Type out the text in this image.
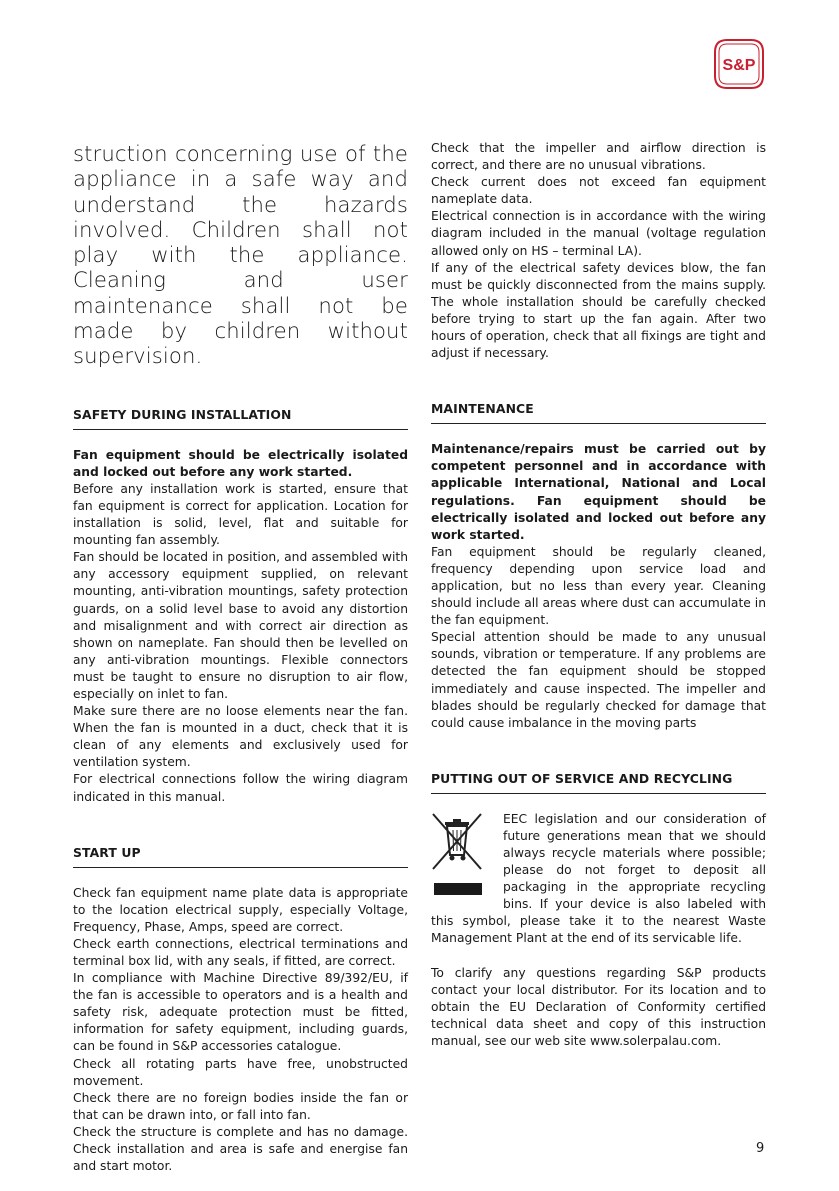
S&P

struction concerning use of the appliance in a safe way and understand the hazards involved. Children shall not play with the appliance. Cleaning and user maintenance shall not be made by children without supervision.

SAFETY DURING INSTALLATION

Fan equipment should be electrically isolated and locked out before any work started.

Before any installation work is started, ensure that fan equipment is correct for application. Location for installation is solid, level, flat and suitable for mounting fan assembly.

Fan should be located in position, and assembled with any accessory equipment supplied, on relevant mounting, anti-vibration mountings, safety protection guards, on a solid level base to avoid any distortion and misalignment and with correct air direction as shown on nameplate. Fan should then be levelled on any anti-vibration mountings. Flexible connectors must be taught to ensure no disruption to air flow, especially on inlet to fan.

Make sure there are no loose elements near the fan. When the fan is mounted in a duct, check that it is clean of any elements and exclusively used for ventilation system.

For electrical connections follow the wiring diagram indicated in this manual.

START UP

Check fan equipment name plate data is appropriate to the location electrical supply, especially Voltage, Frequency, Phase, Amps, speed are correct.

Check earth connections, electrical terminations and terminal box lid, with any seals, if fitted, are correct.

In compliance with Machine Directive 89/392/EU, if the fan is accessible to operators and is a health and safety risk, adequate protection must be fitted, information for safety equipment, including guards, can be found in S&P accessories catalogue.

Check all rotating parts have free, unobstructed movement.

Check there are no foreign bodies inside the fan or that can be drawn into, or fall into fan.

Check the structure is complete and has no damage. Check installation and area is safe and energise fan and start motor.

Check that the impeller and airflow direction is correct, and there are no unusual vibrations.

Check current does not exceed fan equipment nameplate data.

Electrical connection is in accordance with the wiring diagram included in the manual (voltage regulation allowed only on HS – terminal LA).

If any of the electrical safety devices blow, the fan must be quickly disconnected from the mains supply. The whole installation should be carefully checked before trying to start up the fan again. After two hours of operation, check that all fixings are tight and adjust if necessary.

MAINTENANCE

Maintenance/repairs must be carried out by competent personnel and in accordance with applicable International, National and Local regulations. Fan equipment should be electrically isolated and locked out before any work started.

Fan equipment should be regularly cleaned, frequency depending upon service load and application, but no less than every year. Cleaning should include all areas where dust can accumulate in the fan equipment.

Special attention should be made to any unusual sounds, vibration or temperature. If any problems are detected the fan equipment should be stopped immediately and cause inspected. The impeller and blades should be regularly checked for damage that could cause imbalance in the moving parts

PUTTING OUT OF SERVICE AND RECYCLING

EEC legislation and our consideration of future generations mean that we should always recycle materials where possible; please do not forget to deposit all packaging in the appropriate recycling bins. If your device is also labeled with this symbol, please take it to the nearest Waste Management Plant at the end of its servicable life.

To clarify any questions regarding S&P products contact your local distributor. For its location and to obtain the EU Declaration of Conformity certified technical data sheet and copy of this instruction manual, see our web site www.solerpalau.com.

9
